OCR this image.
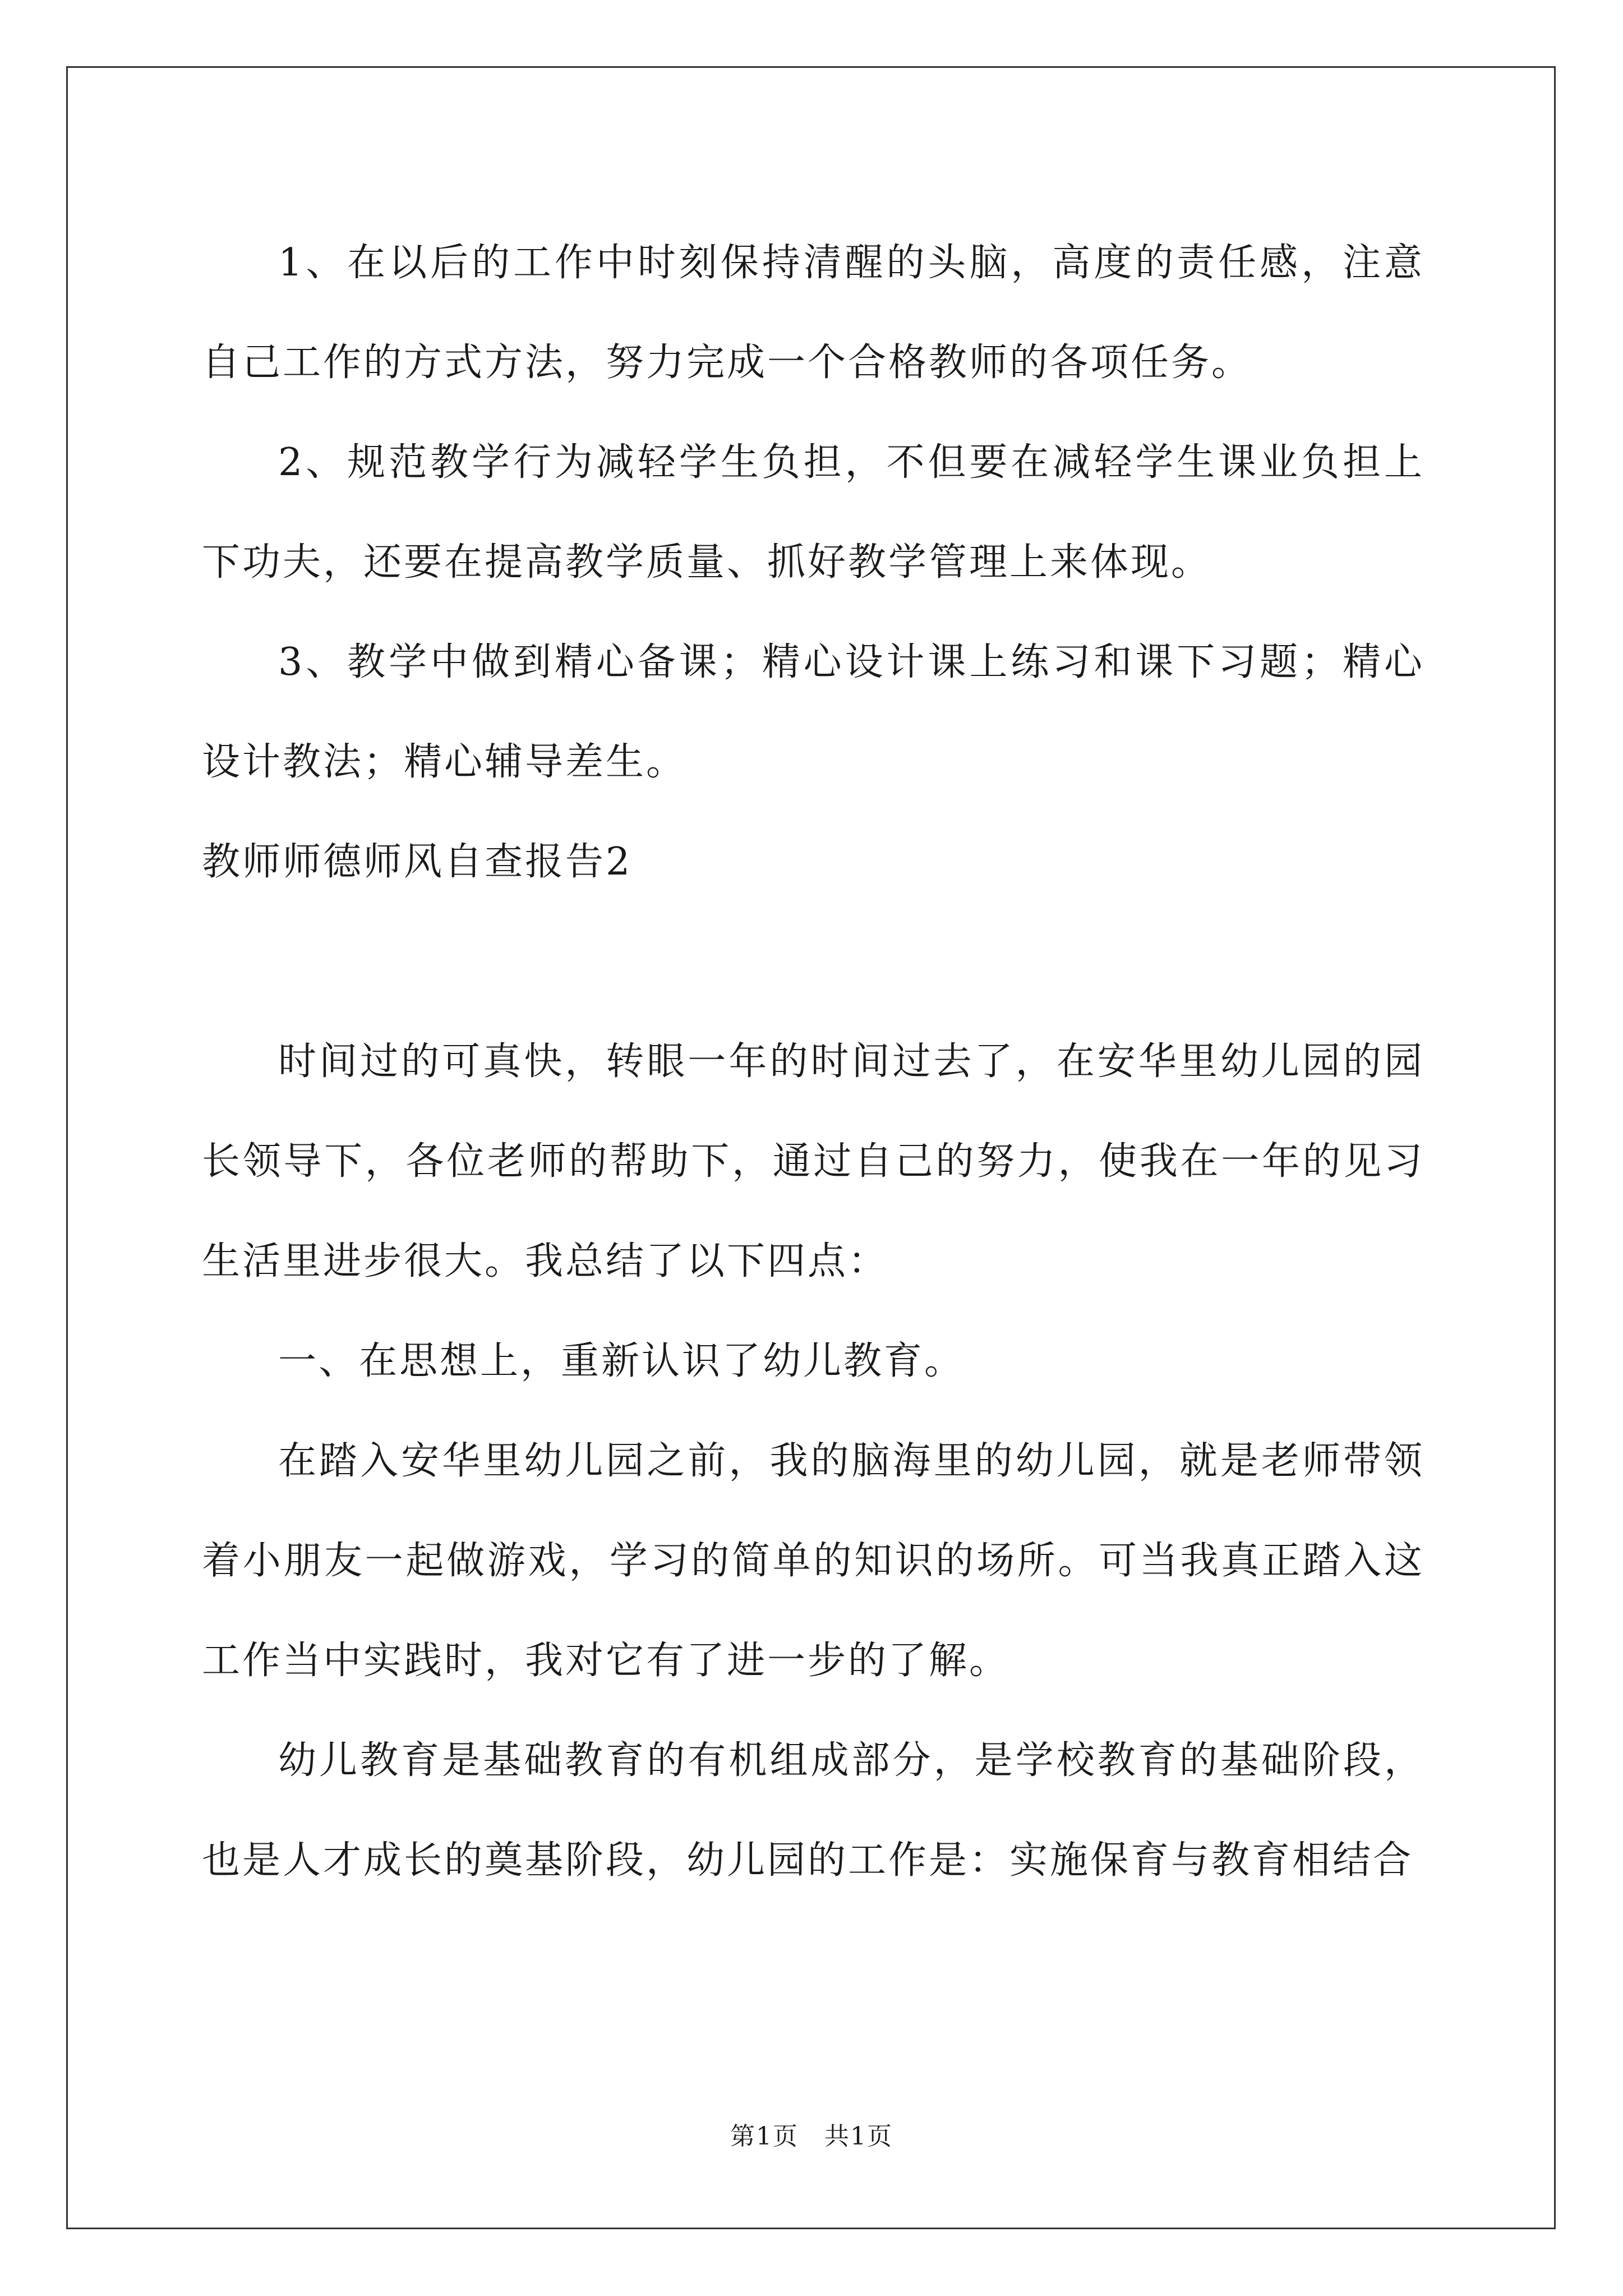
1、在以后的工作中时刻保持清醒的头脑，高度的责任感，注意自己工作的方式方法，努力完成一个合格教师的各项任务。

2、规范教学行为减轻学生负担，不但要在减轻学生课业负担上下功夫，还要在提高教学质量、抓好教学管理上来体现。

3、教学中做到精心备课；精心设计课上练习和课下习题；精心设计教法；精心辅导差生。

教师师德师风自查报告2

时间过的可真快，转眼一年的时间过去了，在安华里幼儿园的园长领导下，各位老师的帮助下，通过自己的努力，使我在一年的见习生活里进步很大。我总结了以下四点：

一、在思想上，重新认识了幼儿教育。

在踏入安华里幼儿园之前，我的脑海里的幼儿园，就是老师带领着小朋友一起做游戏，学习的简单的知识的场所。可当我真正踏入这工作当中实践时，我对它有了进一步的了解。

幼儿教育是基础教育的有机组成部分，是学校教育的基础阶段，也是人才成长的奠基阶段，幼儿园的工作是：实施保育与教育相结合

第1页　共1页
